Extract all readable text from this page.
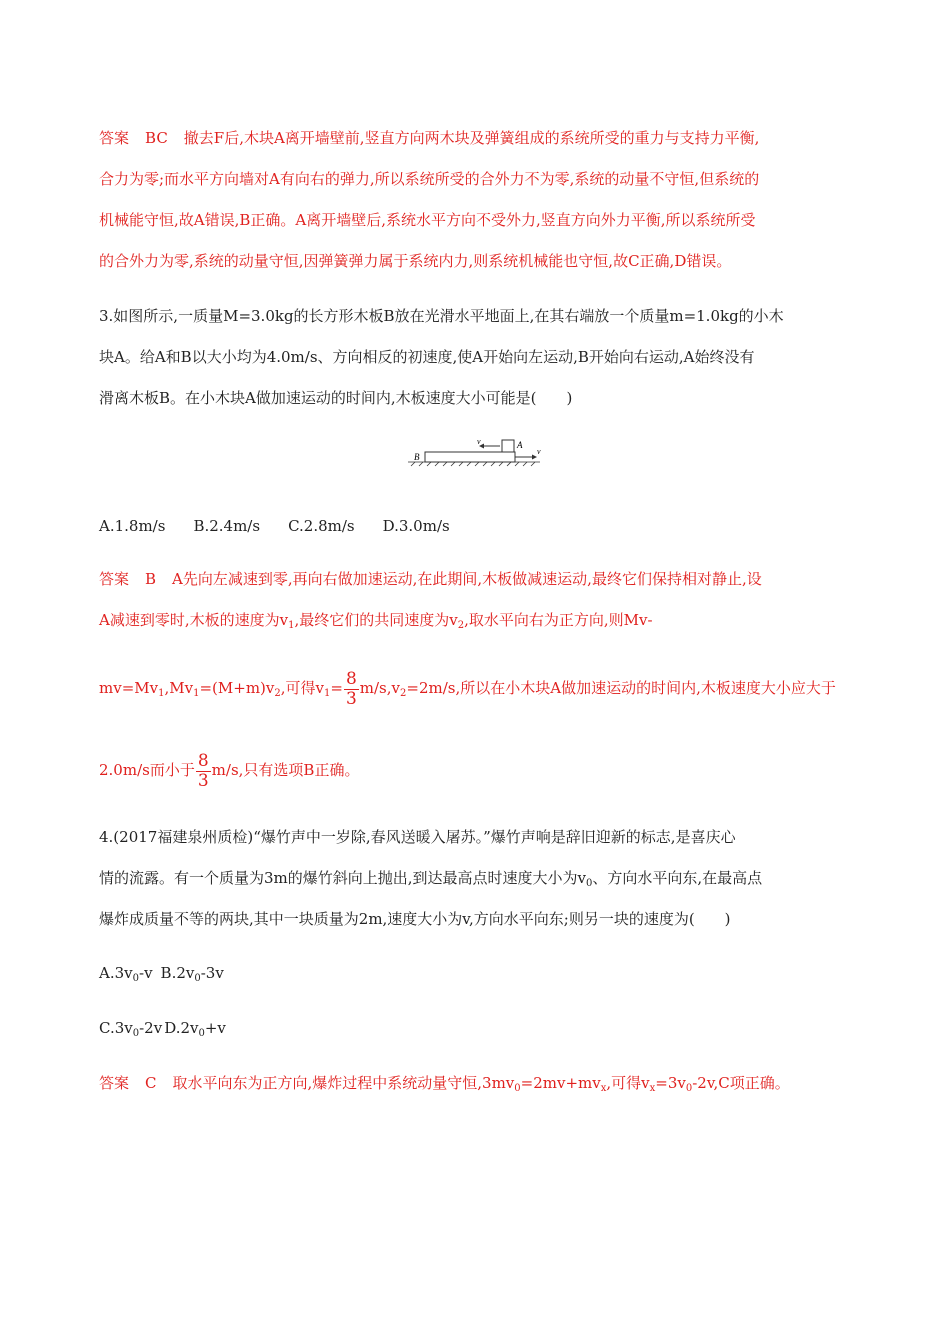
答案 BC 撤去F后,木块A离开墙壁前,竖直方向两木块及弹簧组成的系统所受的重力与支持力平衡,
合力为零;而水平方向墙对A有向右的弹力,所以系统所受的合外力不为零,系统的动量不守恒,但系统的
机械能守恒,故A错误,B正确。A离开墙壁后,系统水平方向不受外力,竖直方向外力平衡,所以系统所受
的合外力为零,系统的动量守恒,因弹簧弹力属于系统内力,则系统机械能也守恒,故C正确,D错误。
3.如图所示,一质量M=3.0kg的长方形木板B放在光滑水平地面上,在其右端放一个质量m=1.0kg的小木
块A。给A和B以大小均为4.0m/s、方向相反的初速度,使A开始向左运动,B开始向右运动,A始终没有
滑离木板B。在小木块A做加速运动的时间内,木板速度大小可能是(　　)
B
A
v
v
A.1.8m/s B.2.4m/s C.2.8m/s D.3.0m/s
答案 B A先向左减速到零,再向右做加速运动,在此期间,木板做减速运动,最终它们保持相对静止,设
A减速到零时,木板的速度为$v_1$,最终它们的共同速度为$v_2$,取水平向右为正方向,则Mv-
$mv=Mv_1,Mv_1=(M+m)v_2$,可得$v_1= \frac{8}{3} m/s,v_2=2m/s$,所以在小木块A做加速运动的时间内,木板速度大小应大于
2.0m/s而小于 $\frac{8}{3} m/s$,只有选项B正确。
4.(2017福建泉州质检)“爆竹声中一岁除,春风送暖入屠苏。”爆竹声响是辞旧迎新的标志,是喜庆心
情的流露。有一个质量为3m的爆竹斜向上抛出,到达最高点时速度大小为$v_0$、方向水平向东,在最高点
爆炸成质量不等的两块,其中一块质量为2m,速度大小为v,方向水平向东;则另一块的速度为(　　)
$A.3v_0-v$ $B.2v_0-3v$
$C.3v_0-2v$ $D.2v_0+v$
答案 C 取水平向东为正方向,爆炸过程中系统动量守恒$,3mv_0=2mv+mv_x$,可得$v_x=3v_0-2v,C$项正确。
